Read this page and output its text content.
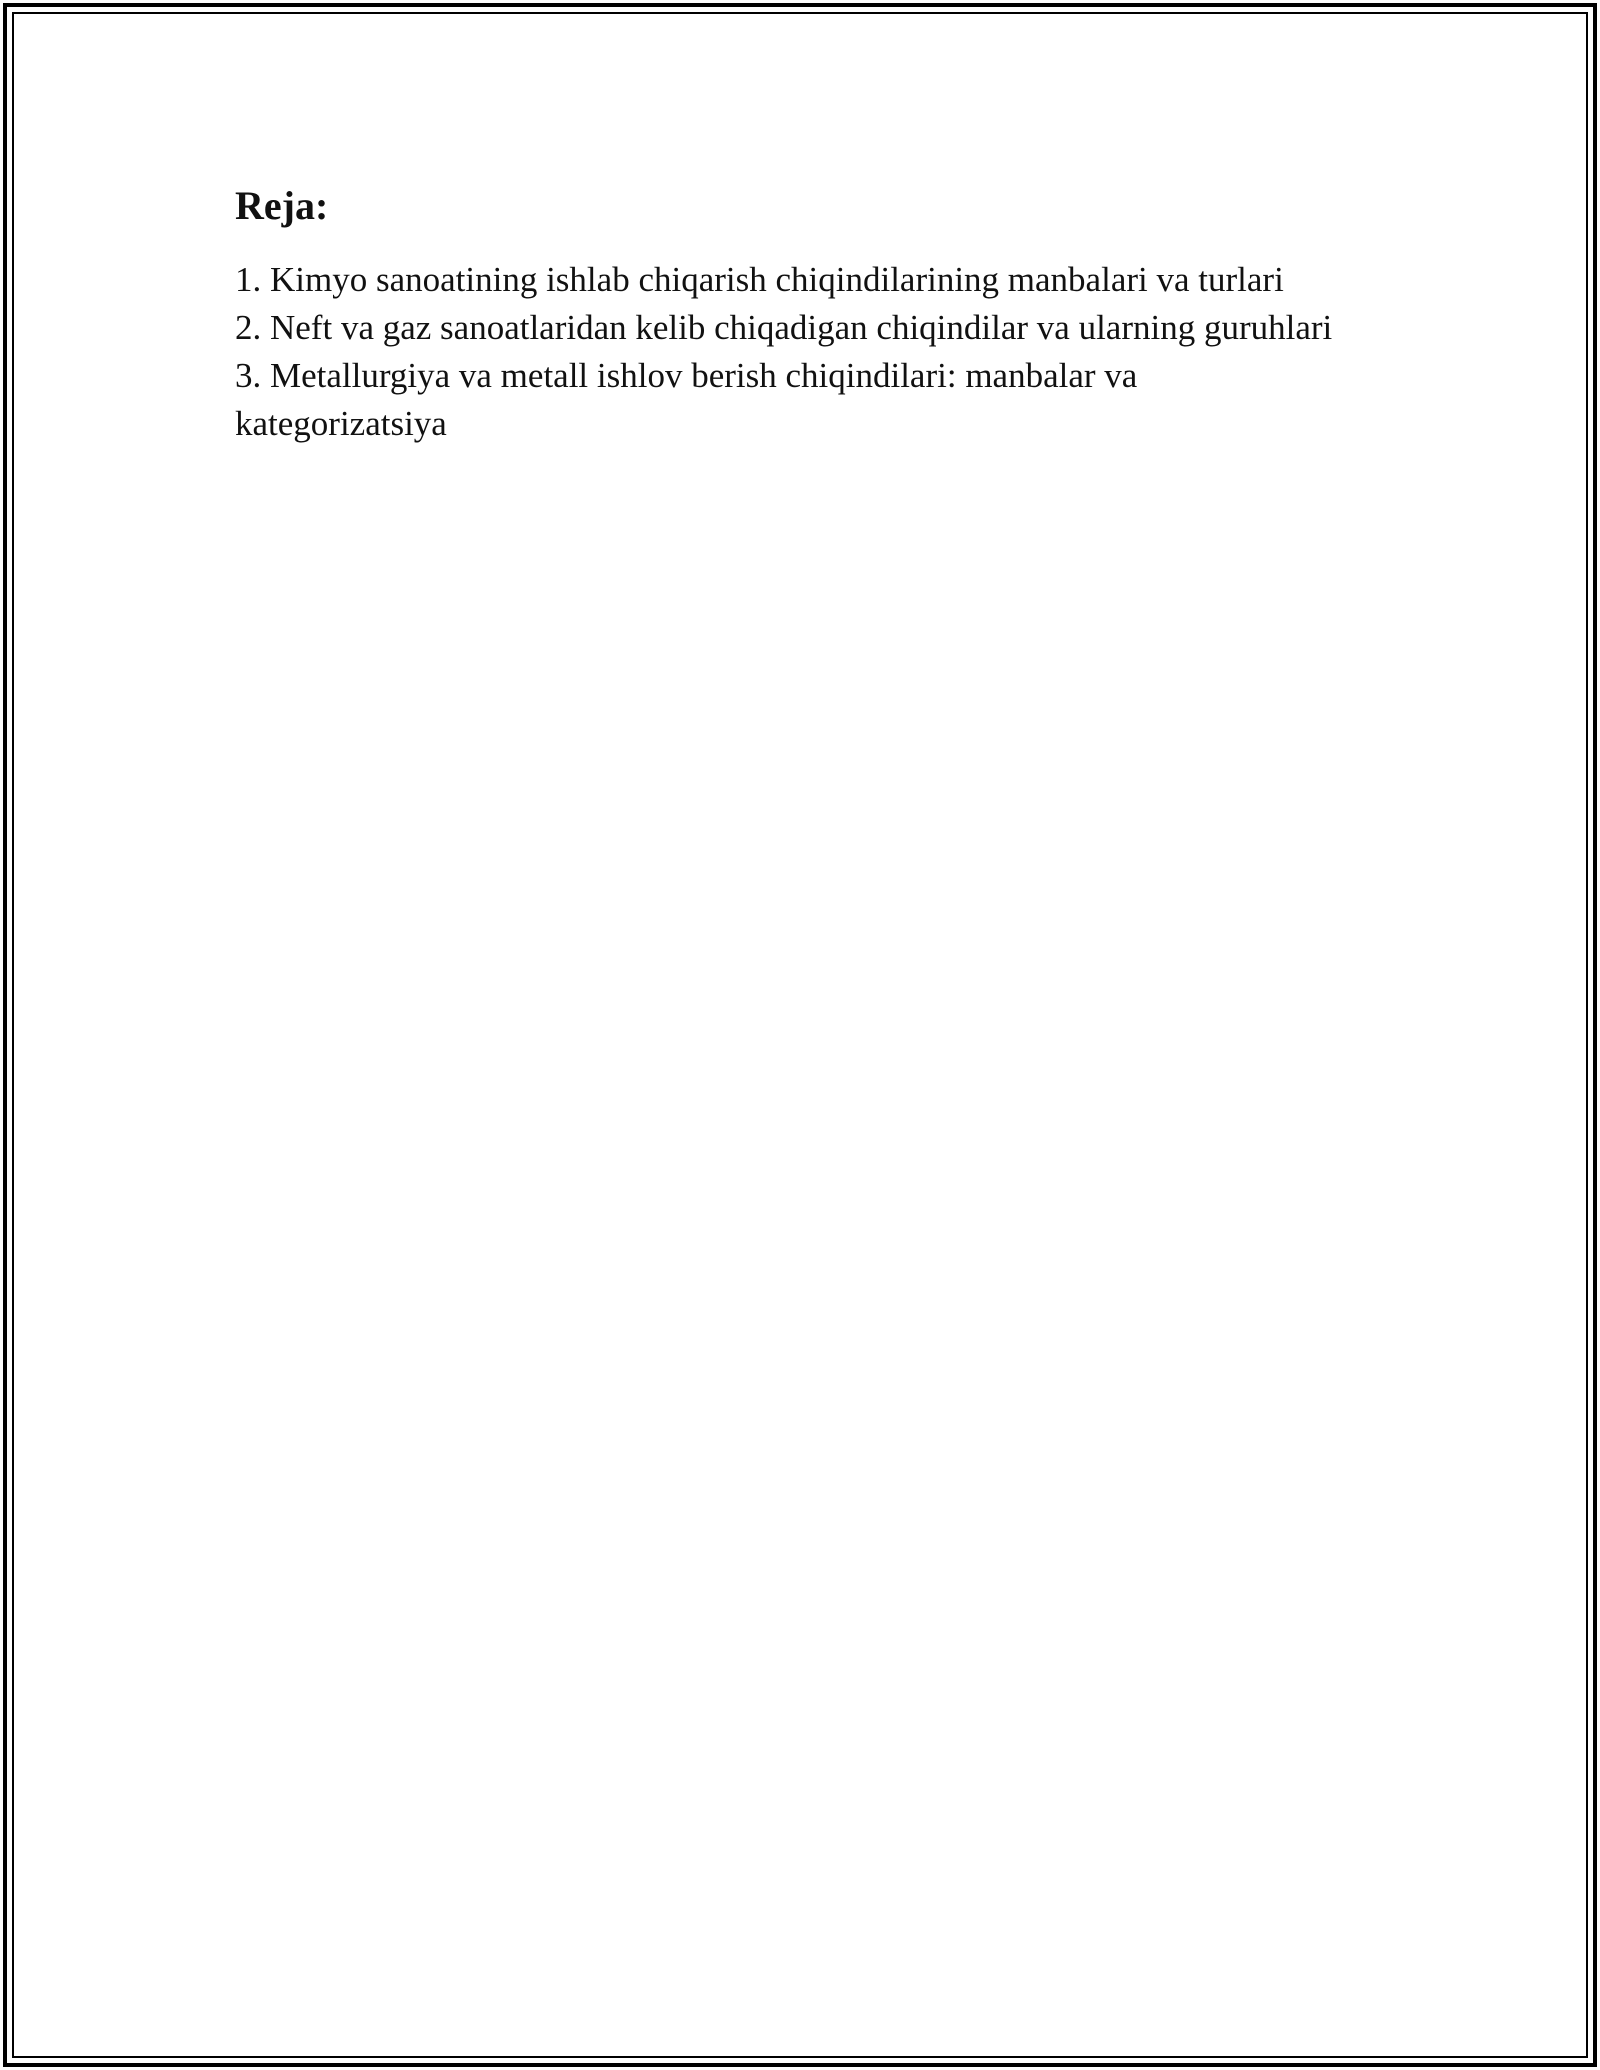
Reja:
1. Kimyo sanoatining ishlab chiqarish chiqindilarining manbalari va turlari
2. Neft va gaz sanoatlaridan kelib chiqadigan chiqindilar va ularning guruhlari
3. Metallurgiya va metall ishlov berish chiqindilari: manbalar va kategorizatsiya
